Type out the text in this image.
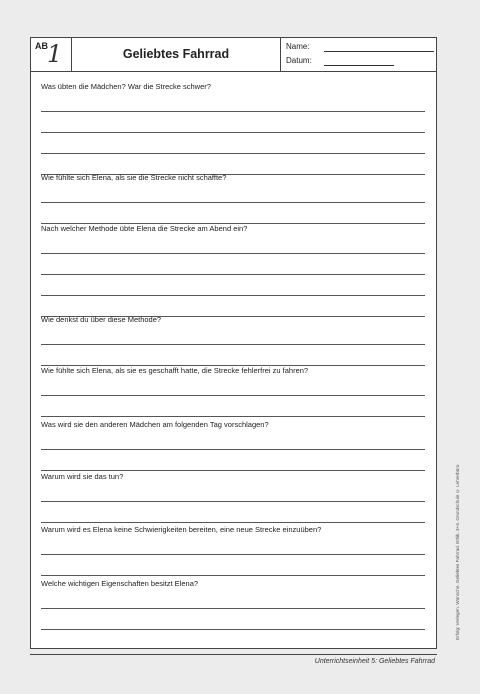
AB 1	Geliebtes Fahrrad
Name:
Datum:
Was übten die Mädchen? War die Strecke schwer?
Wie fühlte sich Elena, als sie die Strecke nicht schaffte?
Nach welcher Methode übte Elena die Strecke am Abend ein?
Wie denkst du über diese Methode?
Wie fühlte sich Elena, als sie es geschafft hatte, die Strecke fehlerfrei zu fahren?
Was wird sie den anderen Mädchen am folgenden Tag vorschlagen?
Warum wird sie das tun?
Warum wird es Elena keine Schwierigkeiten bereiten, eine neue Strecke einzuüben?
Welche wichtigen Eigenschaften besitzt Elena?	Erfolg: Verlegen. Wünsche. Geliebtes Fahrrad. Ethik. 3+4. Grundschule © Lehrerbüro
Unterrichtseinheit 5: Geliebtes Fahrrad
